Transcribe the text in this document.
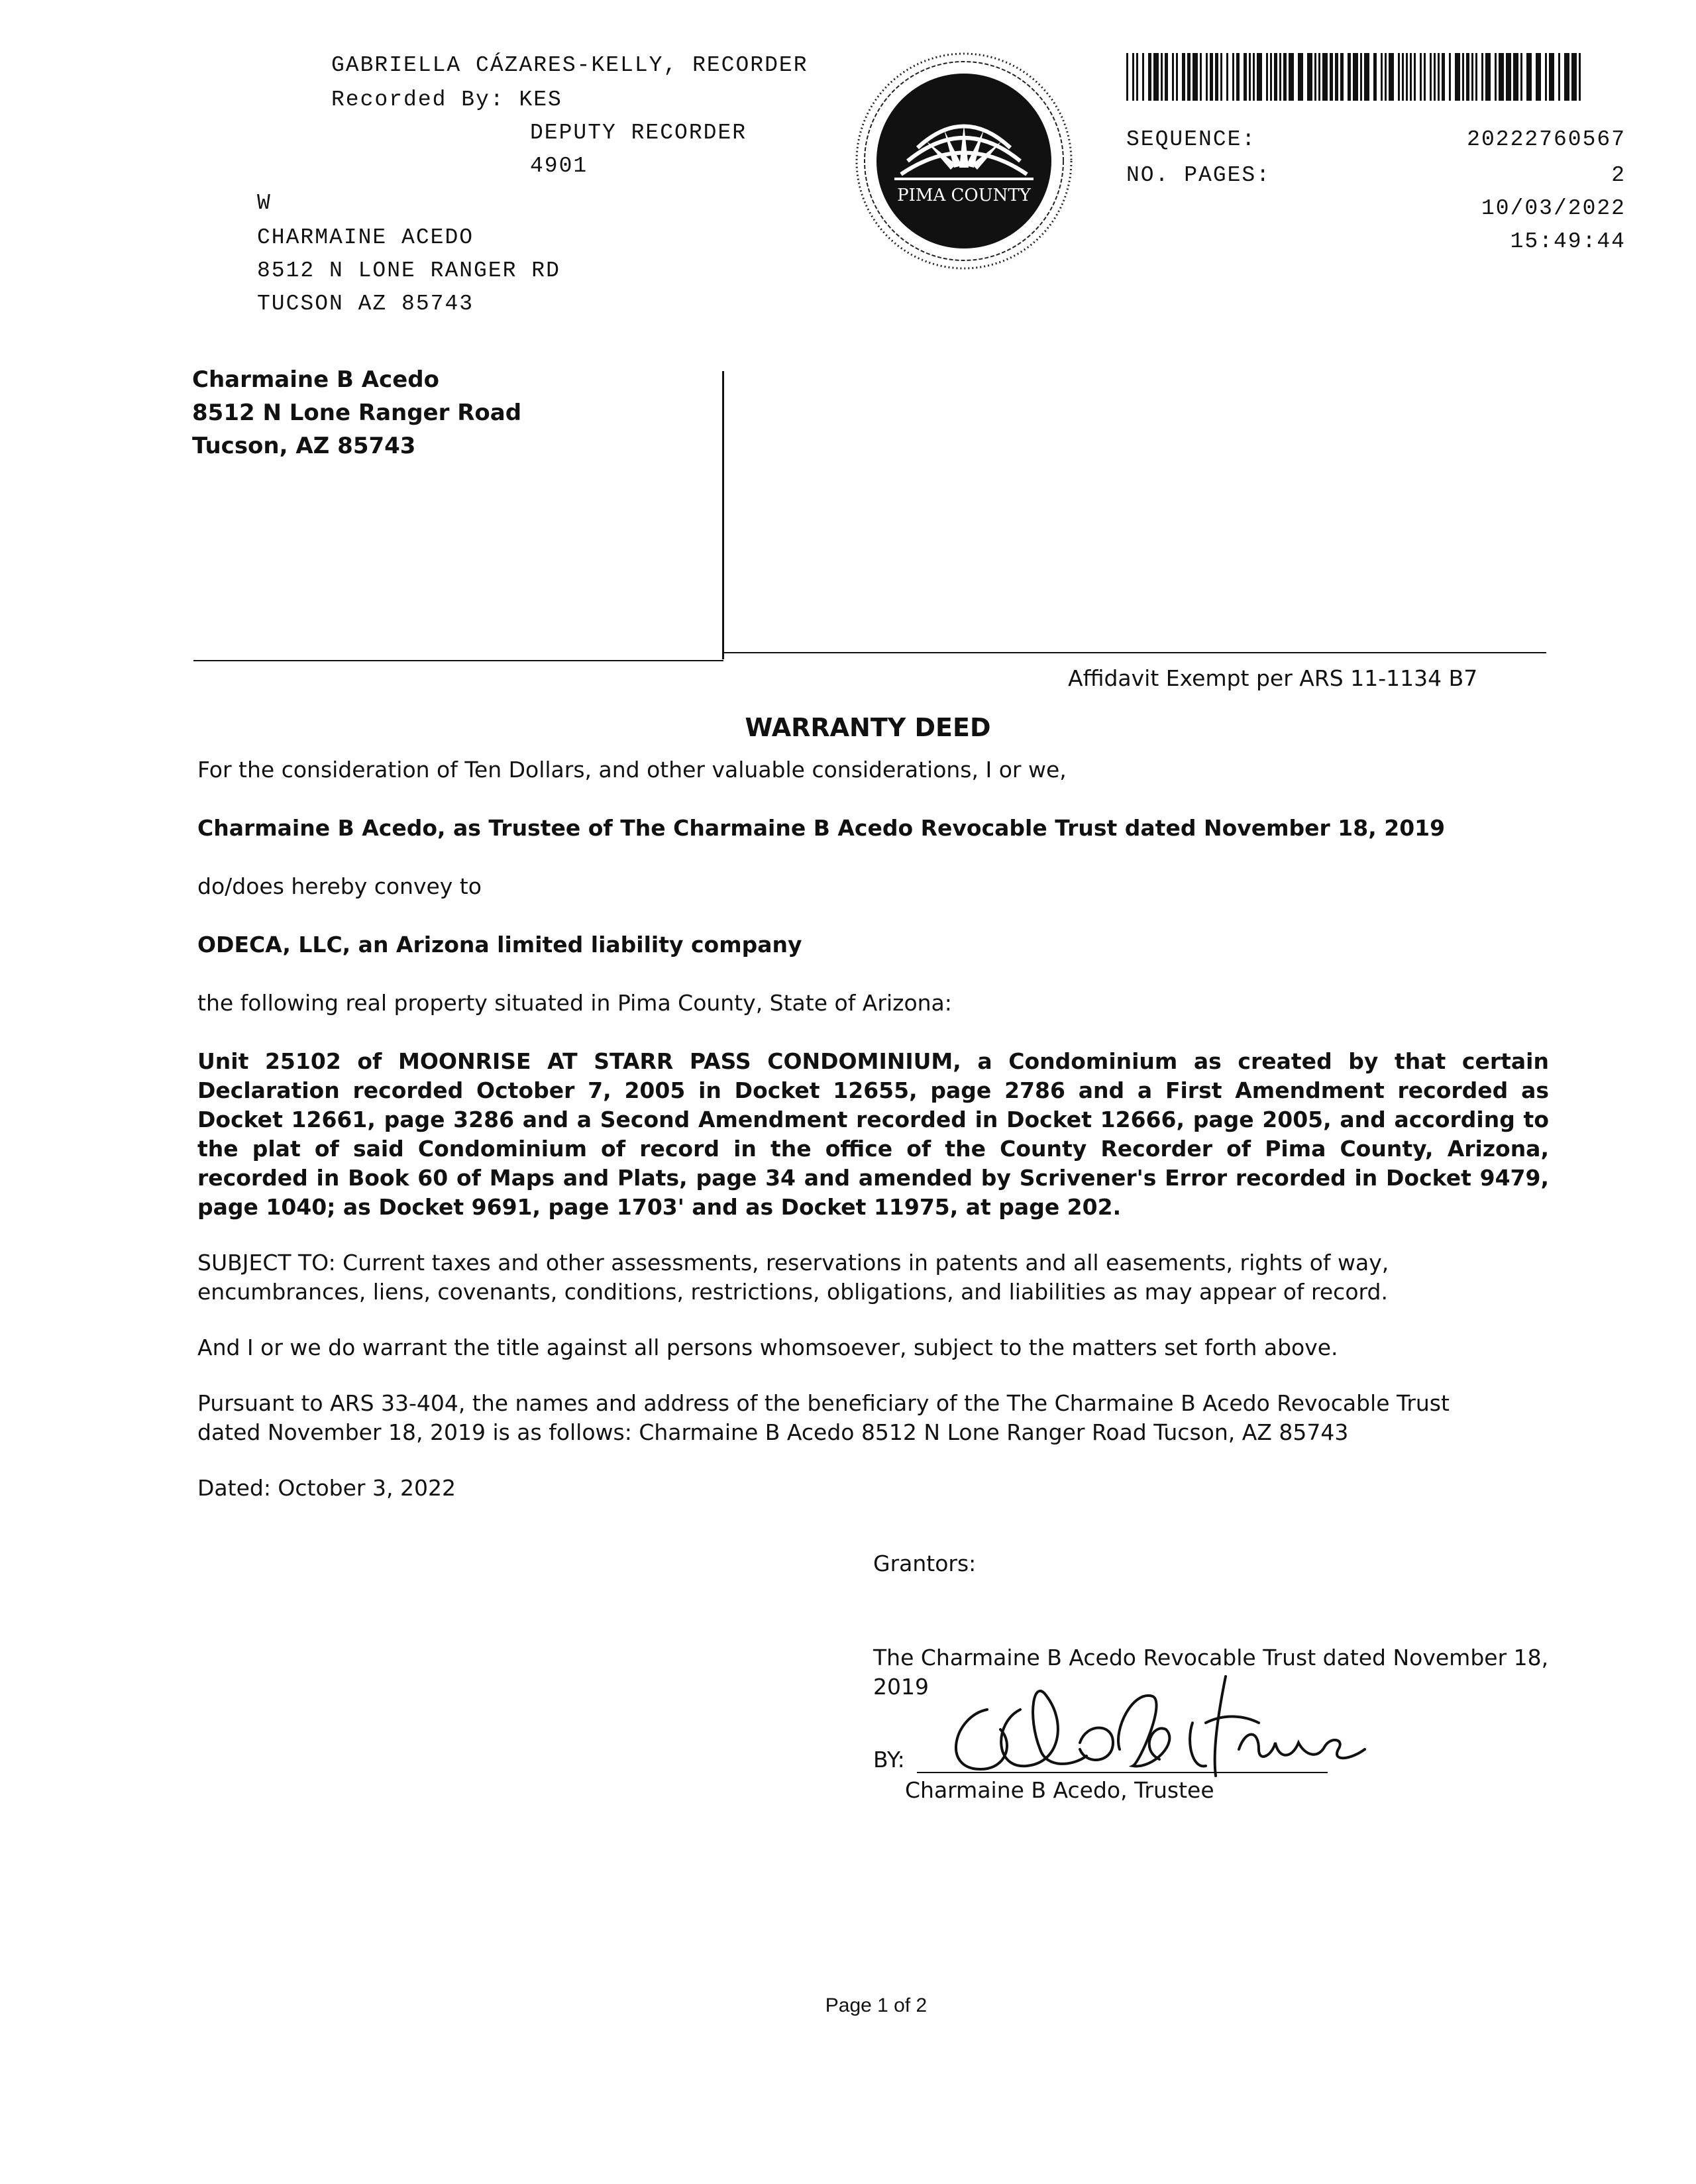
GABRIELLA CÁZARES-KELLY, RECORDER
Recorded By: KES
DEPUTY RECORDER
4901
W
CHARMAINE ACEDO
8512 N LONE RANGER RD
TUCSON AZ 85743
PIMA COUNTY
SEQUENCE:	20222760567
NO. PAGES:	2
10/03/2022
15:49:44
Charmaine B Acedo
8512 N Lone Ranger Road
Tucson, AZ 85743
Affidavit Exempt per ARS 11-1134 B7
WARRANTY DEED

For the consideration of Ten Dollars, and other valuable considerations, I or we,

Charmaine B Acedo, as Trustee of The Charmaine B Acedo Revocable Trust dated November 18, 2019

do/does hereby convey to

ODECA, LLC, an Arizona limited liability company

the following real property situated in Pima County, State of Arizona:

Unit 25102 of MOONRISE AT STARR PASS CONDOMINIUM, a Condominium as created by that certain Declaration recorded October 7, 2005 in Docket 12655, page 2786 and a First Amendment recorded as Docket 12661, page 3286 and a Second Amendment recorded in Docket 12666, page 2005, and according to the plat of said Condominium of record in the office of the County Recorder of Pima County, Arizona, recorded in Book 60 of Maps and Plats, page 34 and amended by Scrivener's Error recorded in Docket 9479, page 1040; as Docket 9691, page 1703' and as Docket 11975, at page 202.

SUBJECT TO: Current taxes and other assessments, reservations in patents and all easements, rights of way, encumbrances, liens, covenants, conditions, restrictions, obligations, and liabilities as may appear of record.

And I or we do warrant the title against all persons whomsoever, subject to the matters set forth above.

Pursuant to ARS 33-404, the names and address of the beneficiary of the The Charmaine B Acedo Revocable Trust dated November 18, 2019 is as follows: Charmaine B Acedo 8512 N Lone Ranger Road Tucson, AZ 85743

Dated: October 3, 2022

Grantors:
The Charmaine B Acedo Revocable Trust dated November 18, 2019
BY:
Charmaine B Acedo, Trustee
Page 1 of 2
